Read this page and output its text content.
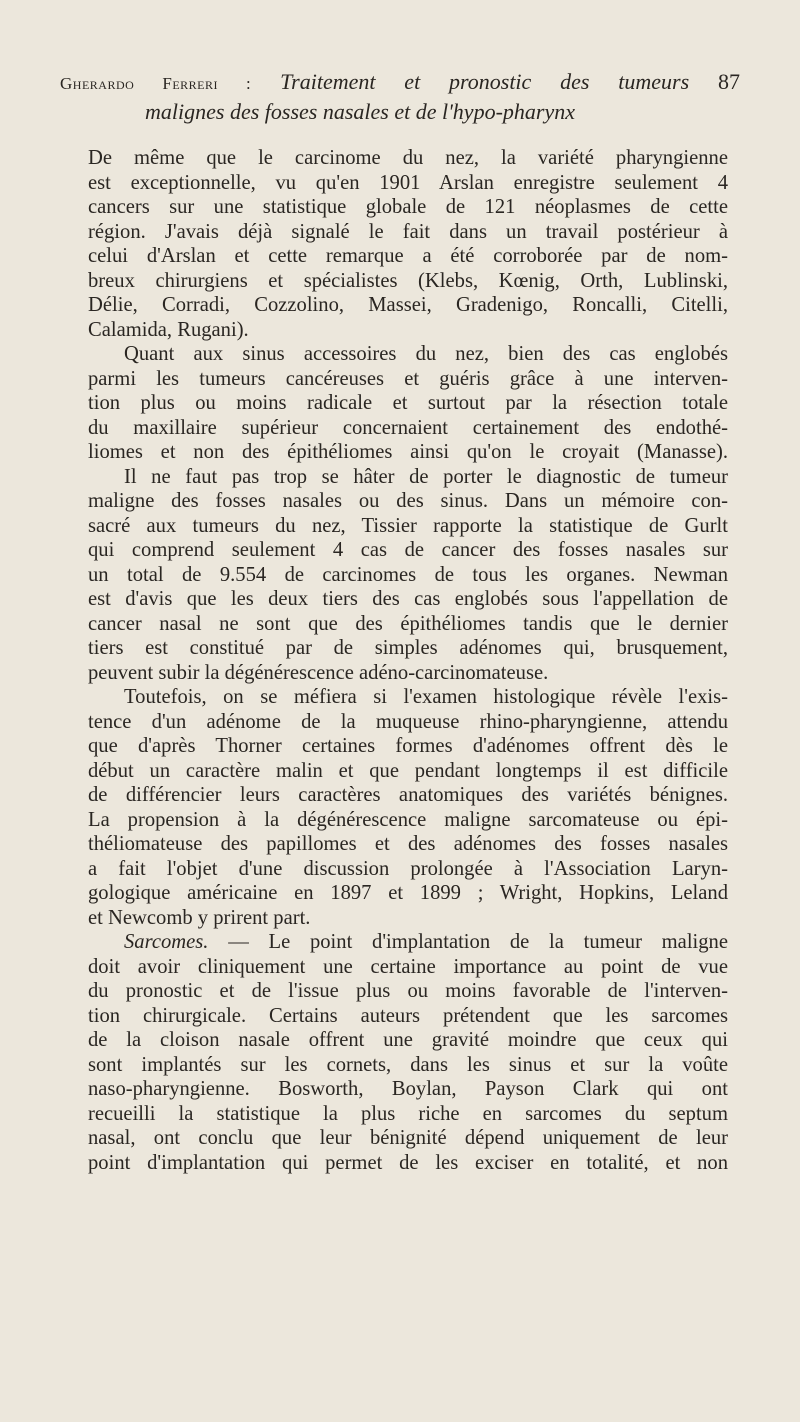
Gherardo Ferreri : Traitement et pronostic des tumeurs 87
malignes des fosses nasales et de l'hypo-pharynx

De même que le carcinome du nez, la variété pharyngienne
est exceptionnelle, vu qu'en 1901 Arslan enregistre seulement 4
cancers sur une statistique globale de 121 néoplasmes de cette
région. J'avais déjà signalé le fait dans un travail postérieur à
celui d'Arslan et cette remarque a été corroborée par de nom-
breux chirurgiens et spécialistes (Klebs, Kœnig, Orth, Lublinski,
Délie, Corradi, Cozzolino, Massei, Gradenigo, Roncalli, Citelli,
Calamida, Rugani).

Quant aux sinus accessoires du nez, bien des cas englobés
parmi les tumeurs cancéreuses et guéris grâce à une interven-
tion plus ou moins radicale et surtout par la résection totale
du maxillaire supérieur concernaient certainement des endothé-
liomes et non des épithéliomes ainsi qu'on le croyait (Manasse).

Il ne faut pas trop se hâter de porter le diagnostic de tumeur
maligne des fosses nasales ou des sinus. Dans un mémoire con-
sacré aux tumeurs du nez, Tissier rapporte la statistique de Gurlt
qui comprend seulement 4 cas de cancer des fosses nasales sur
un total de 9.554 de carcinomes de tous les organes. Newman
est d'avis que les deux tiers des cas englobés sous l'appellation de
cancer nasal ne sont que des épithéliomes tandis que le dernier
tiers est constitué par de simples adénomes qui, brusquement,
peuvent subir la dégénérescence adéno-carcinomateuse.

Toutefois, on se méfiera si l'examen histologique révèle l'exis-
tence d'un adénome de la muqueuse rhino-pharyngienne, attendu
que d'après Thorner certaines formes d'adénomes offrent dès le
début un caractère malin et que pendant longtemps il est difficile
de différencier leurs caractères anatomiques des variétés bénignes.
La propension à la dégénérescence maligne sarcomateuse ou épi-
théliomateuse des papillomes et des adénomes des fosses nasales
a fait l'objet d'une discussion prolongée à l'Association Laryn-
gologique américaine en 1897 et 1899 ; Wright, Hopkins, Leland
et Newcomb y prirent part.

Sarcomes. — Le point d'implantation de la tumeur maligne
doit avoir cliniquement une certaine importance au point de vue
du pronostic et de l'issue plus ou moins favorable de l'interven-
tion chirurgicale. Certains auteurs prétendent que les sarcomes
de la cloison nasale offrent une gravité moindre que ceux qui
sont implantés sur les cornets, dans les sinus et sur la voûte
naso-pharyngienne. Bosworth, Boylan, Payson Clark qui ont
recueilli la statistique la plus riche en sarcomes du septum
nasal, ont conclu que leur bénignité dépend uniquement de leur
point d'implantation qui permet de les exciser en totalité, et non
